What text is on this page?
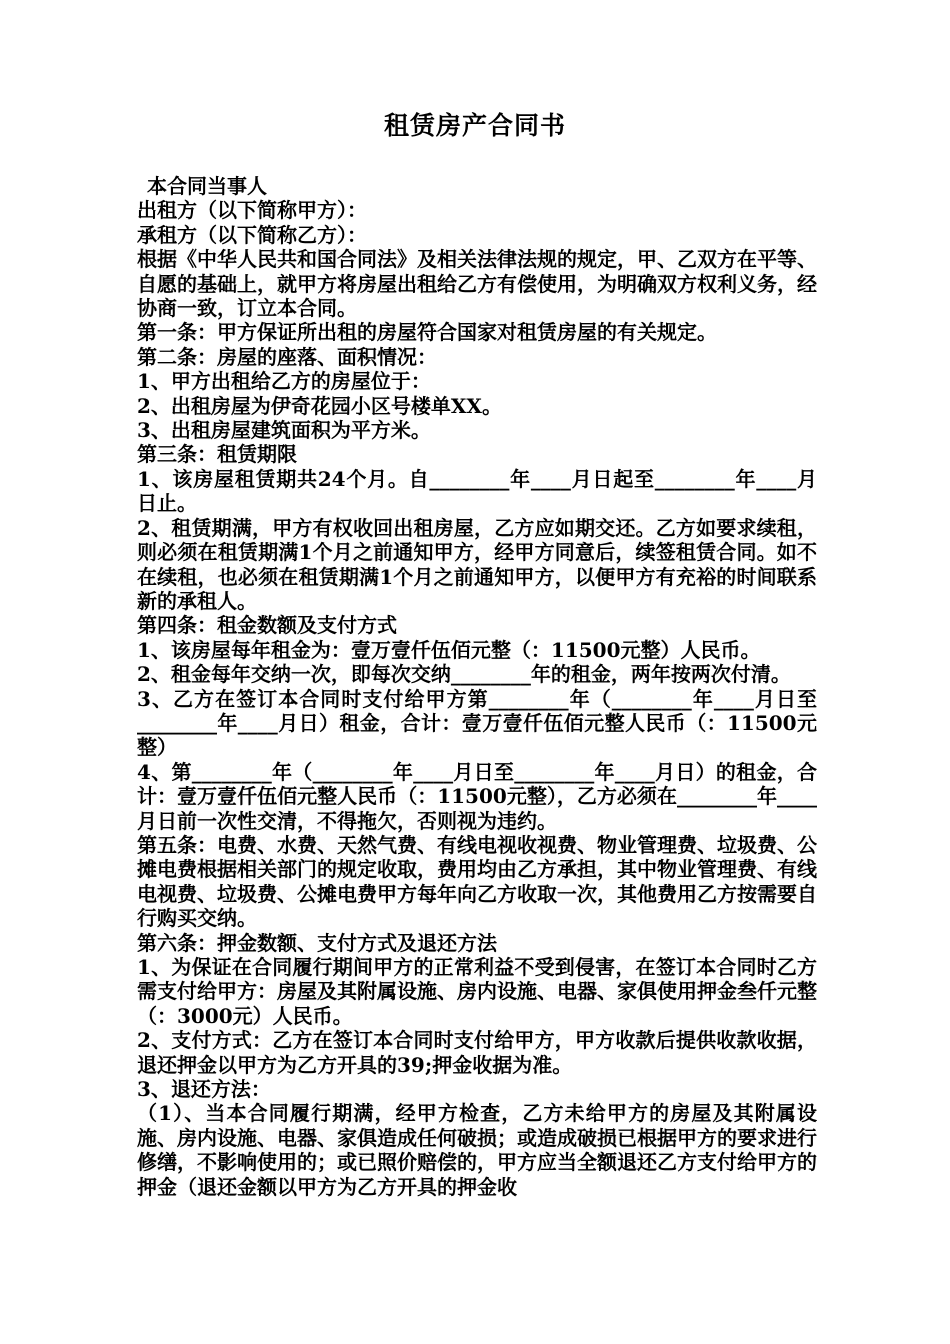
租赁房产合同书

本合同当事人

出租方（以下简称甲方）：

承租方（以下简称乙方）：

根据《中华人民共和国合同法》及相关法律法规的规定，甲、乙双方在平等、自愿的基础上，就甲方将房屋出租给乙方有偿使用，为明确双方权利义务，经协商一致，订立本合同。

第一条：甲方保证所出租的房屋符合国家对租赁房屋的有关规定。

第二条：房屋的座落、面积情况：

1、甲方出租给乙方的房屋位于：

2、出租房屋为伊奇花园小区号楼单XX。

3、出租房屋建筑面积为平方米。

第三条：租赁期限

1、该房屋租赁期共24个月。自________年____月日起至________年____月日止。

2、租赁期满，甲方有权收回出租房屋，乙方应如期交还。乙方如要求续租，则必须在租赁期满1个月之前通知甲方，经甲方同意后，续签租赁合同。如不在续租，也必须在租赁期满1个月之前通知甲方，以便甲方有充裕的时间联系新的承租人。

第四条：租金数额及支付方式

1、该房屋每年租金为：壹万壹仟伍佰元整（：11500元整）人民币。

2、租金每年交纳一次，即每次交纳________年的租金，两年按两次付清。

3、乙方在签订本合同时支付给甲方第________年（________年____月日至________年____月日）租金，合计：壹万壹仟伍佰元整人民币（：11500元整）

4、第________年（________年____月日至________年____月日）的租金，合计：壹万壹仟伍佰元整人民币（：11500元整），乙方必须在________年____月日前一次性交清，不得拖欠，否则视为违约。

第五条：电费、水费、天然气费、有线电视收视费、物业管理费、垃圾费、公摊电费根据相关部门的规定收取，费用均由乙方承担，其中物业管理费、有线电视费、垃圾费、公摊电费甲方每年向乙方收取一次，其他费用乙方按需要自行购买交纳。

第六条：押金数额、支付方式及退还方法

1、为保证在合同履行期间甲方的正常利益不受到侵害，在签订本合同时乙方需支付给甲方：房屋及其附属设施、房内设施、电器、家俱使用押金叁仟元整（：3000元）人民币。

2、支付方式：乙方在签订本合同时支付给甲方，甲方收款后提供收款收据，退还押金以甲方为乙方开具的39;押金收据为准。

3、退还方法：

（1）、当本合同履行期满，经甲方检查，乙方未给甲方的房屋及其附属设施、房内设施、电器、家俱造成任何破损；或造成破损已根据甲方的要求进行修缮，不影响使用的；或已照价赔偿的，甲方应当全额退还乙方支付给甲方的押金（退还金额以甲方为乙方开具的押金收
